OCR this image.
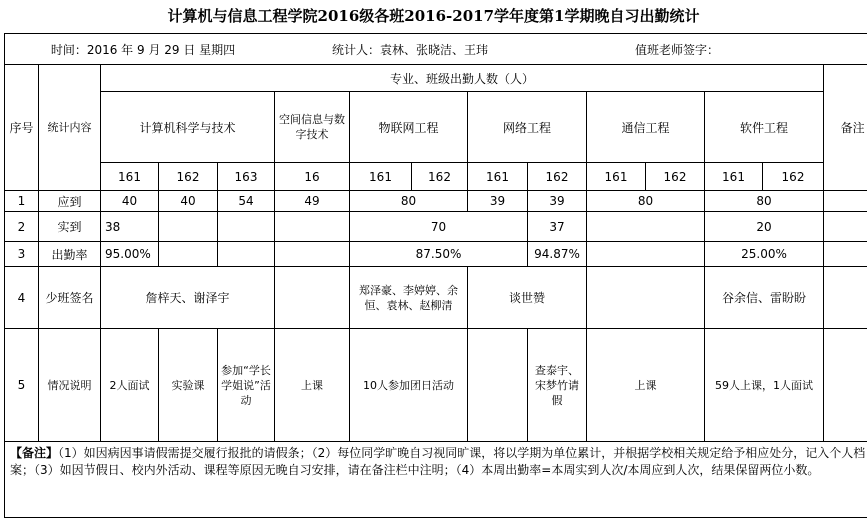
计算机与信息工程学院2016级各班2016-2017学年度第1学期晚自习出勤统计
时间：2016 年 9 月 29 日 星期四 统计人：袁林、张晓洁、王玮 值班老师签字：														

序号	统计内容	专业、班级出勤人数（人）												备注
		计算机科学与技术			空间信息与数字技术	物联网工程		网络工程		通信工程		软件工程		
		161	162	163	16	161	162	161	162	161	162	161	162	
1	应到	40	40	54	49	80		39	39	80		80		
2	实到	38				70			37			20		
3	出勤率	95.00%				87.50%			94.87%			25.00%		
4	少班签名	詹梓天、谢泽宇				郑泽豪、李婷婷、余恒、袁林、赵柳清		谈世赞				谷余信、雷盼盼		
5	情况说明	2人面试	实验课	参加“学长学姐说”活动	上课	10人参加团日活动			查泰宇、宋梦竹请假	上课		59人上课，1人面试		
【备注】（1）如因病因事请假需提交履行报批的请假条；（2）每位同学旷晚自习视同旷课，将以学期为单位累计，并根据学校相关规定给予相应处分，记入个人档案；（3）如因节假日、校内外活动、课程等原因无晚自习安排，请在备注栏中注明；（4）本周出勤率=本周实到人次/本周应到人次，结果保留两位小数。														
